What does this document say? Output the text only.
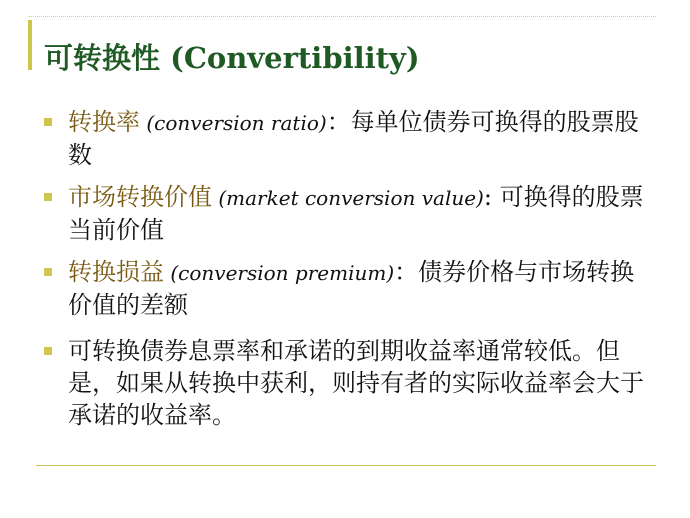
可转换性 (Convertibility)
转换率 (conversion ratio)：每单位债券可换得的股票股数
市场转换价值 (market conversion value): 可换得的股票当前价值
转换损益 (conversion premium)：债券价格与市场转换价值的差额
可转换债券息票率和承诺的到期收益率通常较低。但是，如果从转换中获利，则持有者的实际收益率会大于承诺的收益率。
